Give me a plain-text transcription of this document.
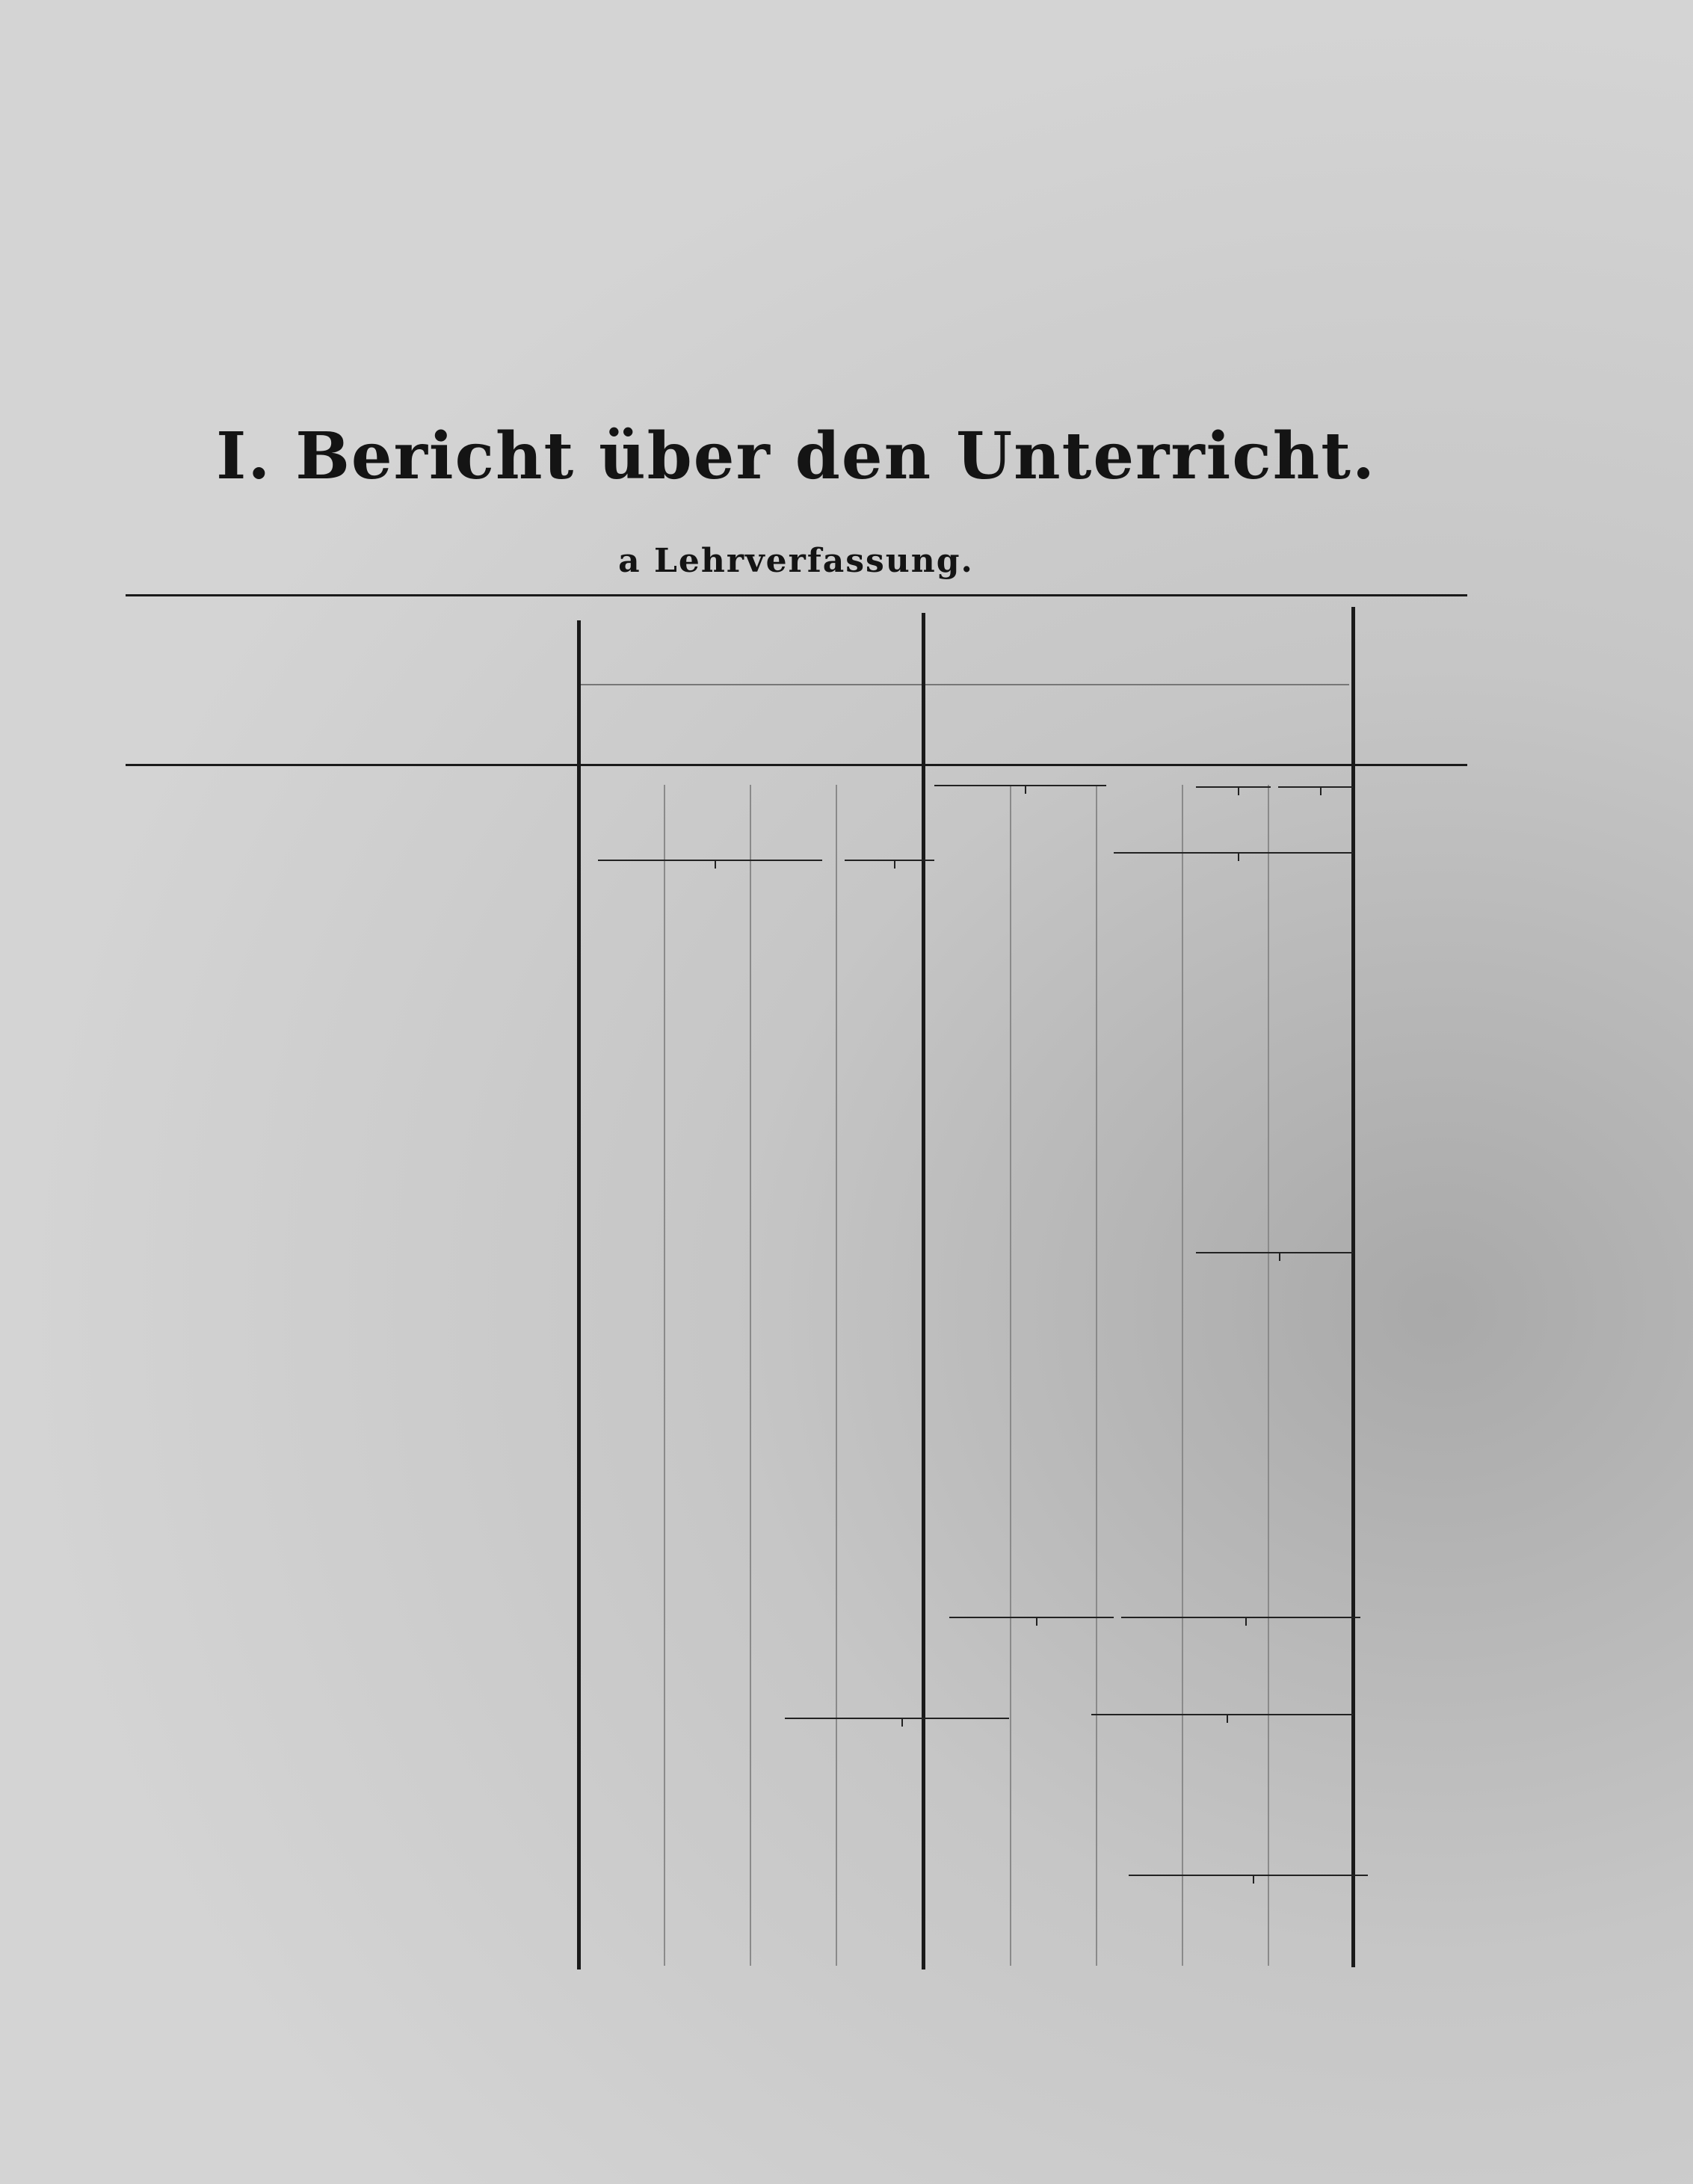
I. Bericht über den Unterricht.
a Lehrverfassung.
